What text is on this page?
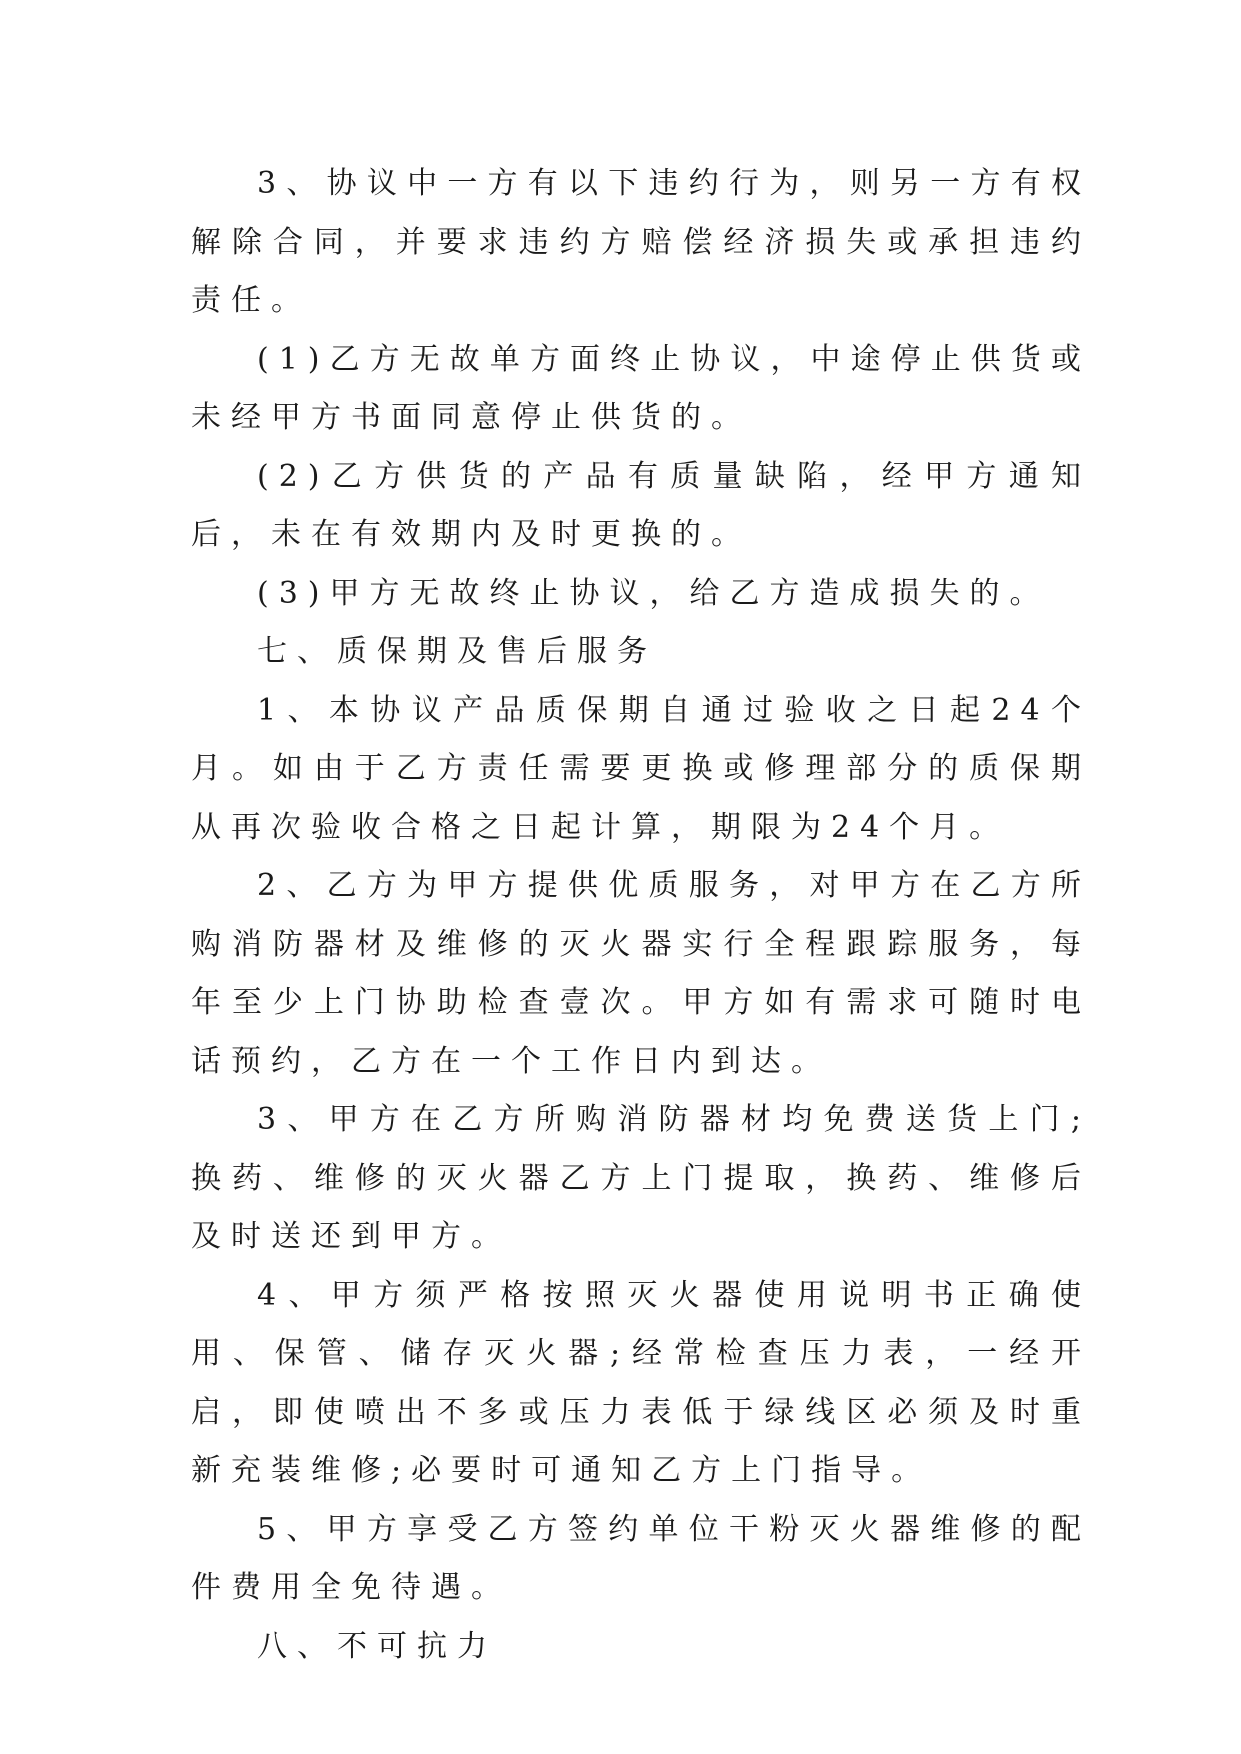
3、协议中一方有以下违约行为，则另一方有权解除合同，并要求违约方赔偿经济损失或承担违约责任。

(1)乙方无故单方面终止协议，中途停止供货或未经甲方书面同意停止供货的。

(2)乙方供货的产品有质量缺陷，经甲方通知后，未在有效期内及时更换的。

(3)甲方无故终止协议，给乙方造成损失的。

七、质保期及售后服务

1、本协议产品质保期自通过验收之日起24个月。如由于乙方责任需要更换或修理部分的质保期从再次验收合格之日起计算，期限为24个月。

2、乙方为甲方提供优质服务，对甲方在乙方所购消防器材及维修的灭火器实行全程跟踪服务，每年至少上门协助检查壹次。甲方如有需求可随时电话预约，乙方在一个工作日内到达。

3、甲方在乙方所购消防器材均免费送货上门;换药、维修的灭火器乙方上门提取，换药、维修后及时送还到甲方。

4、甲方须严格按照灭火器使用说明书正确使用、保管、储存灭火器;经常检查压力表，一经开启，即使喷出不多或压力表低于绿线区必须及时重新充装维修;必要时可通知乙方上门指导。

5、甲方享受乙方签约单位干粉灭火器维修的配件费用全免待遇。

八、不可抗力
